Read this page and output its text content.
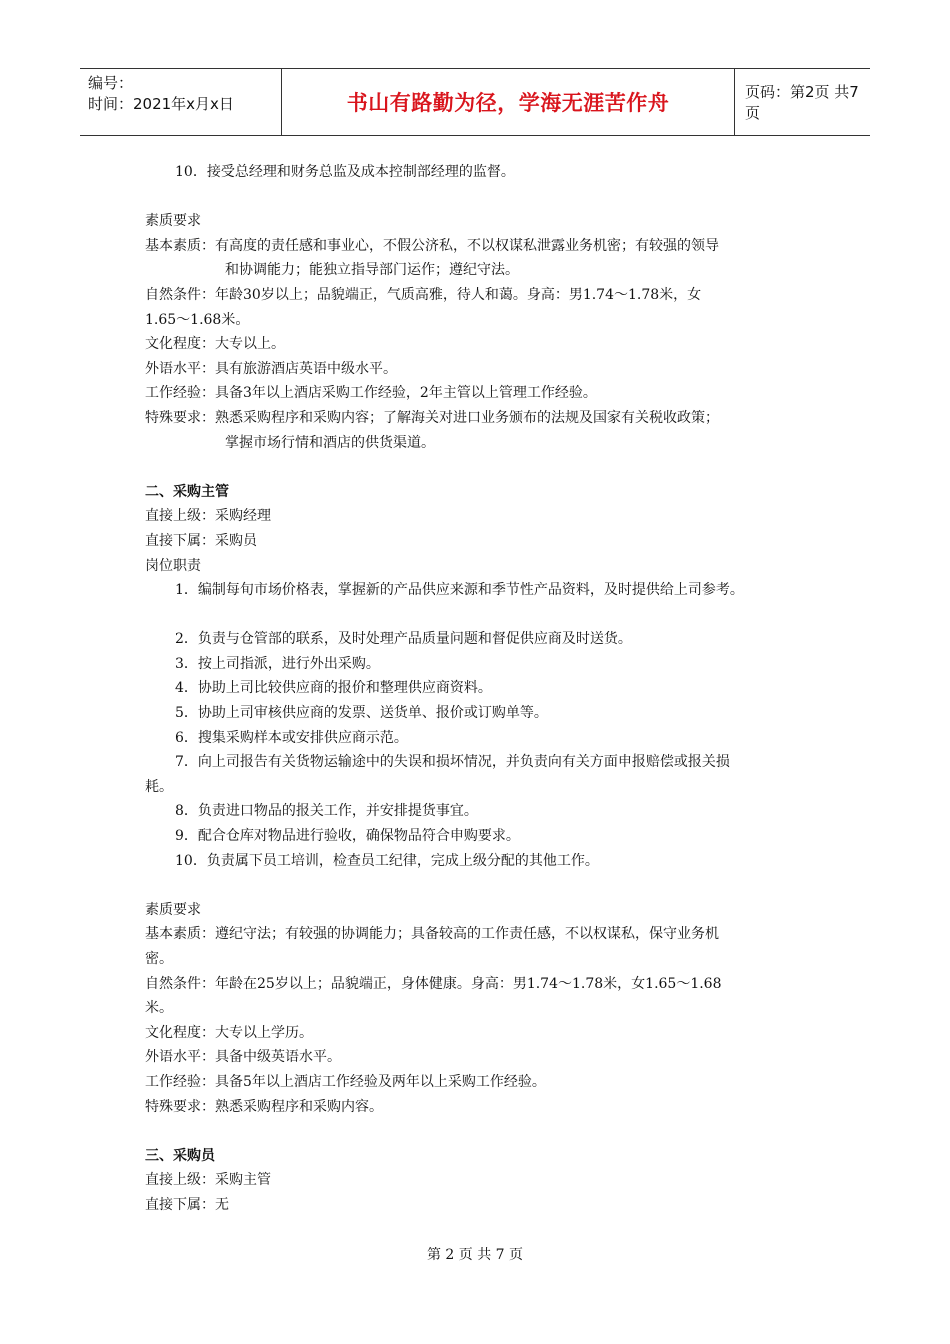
编号：
时间：2021年x月x日	书山有路勤为径，学海无涯苦作舟	页码：第2页 共7页
10．接受总经理和财务总监及成本控制部经理的监督。
素质要求
基本素质：有高度的责任感和事业心，不假公济私，不以权谋私泄露业务机密；有较强的领导
和协调能力；能独立指导部门运作；遵纪守法。
自然条件：年龄30岁以上；品貌端正，气质高雅，待人和蔼。身高：男1.74～1.78米，女
1.65～1.68米。
文化程度：大专以上。
外语水平：具有旅游酒店英语中级水平。
工作经验：具备3年以上酒店采购工作经验，2年主管以上管理工作经验。
特殊要求：熟悉采购程序和采购内容；了解海关对进口业务颁布的法规及国家有关税收政策；
掌握市场行情和酒店的供货渠道。
二、采购主管
直接上级：采购经理
直接下属：采购员
岗位职责
1．编制每旬市场价格表，掌握新的产品供应来源和季节性产品资料，及时提供给上司参考。
2．负责与仓管部的联系，及时处理产品质量问题和督促供应商及时送货。
3．按上司指派，进行外出采购。
4．协助上司比较供应商的报价和整理供应商资料。
5．协助上司审核供应商的发票、送货单、报价或订购单等。
6．搜集采购样本或安排供应商示范。
7．向上司报告有关货物运输途中的失误和损坏情况，并负责向有关方面申报赔偿或报关损
耗。
8．负责进口物品的报关工作，并安排提货事宜。
9．配合仓库对物品进行验收，确保物品符合申购要求。
10．负责属下员工培训，检查员工纪律，完成上级分配的其他工作。
素质要求
基本素质：遵纪守法；有较强的协调能力；具备较高的工作责任感，不以权谋私，保守业务机
密。
自然条件：年龄在25岁以上；品貌端正，身体健康。身高：男1.74～1.78米，女1.65～1.68
米。
文化程度：大专以上学历。
外语水平：具备中级英语水平。
工作经验：具备5年以上酒店工作经验及两年以上采购工作经验。
特殊要求：熟悉采购程序和采购内容。
三、采购员
直接上级：采购主管
直接下属：无
第 2 页 共 7 页
